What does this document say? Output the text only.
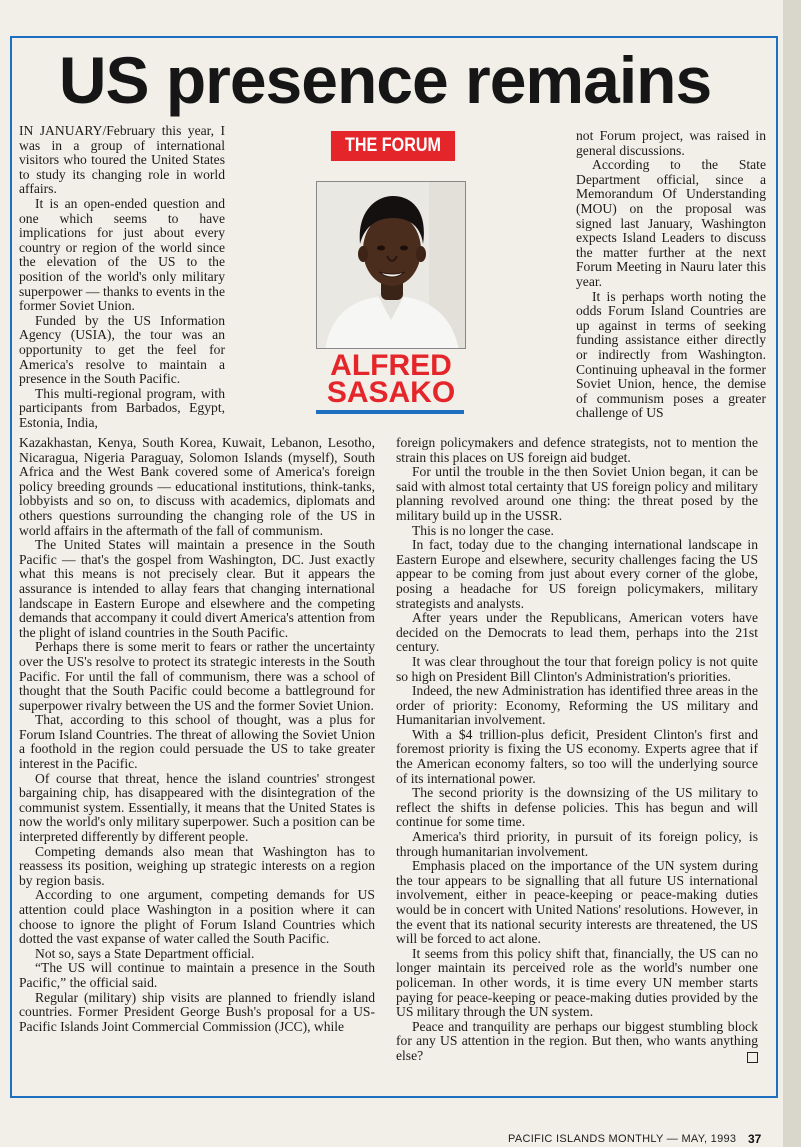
US presence remains

IN JANUARY/February this year, I was in a group of international visitors who toured the United States to study its changing role in world affairs.

It is an open-ended question and one which seems to have implications for just about every country or region of the world since the elevation of the US to the position of the world's only military superpower — thanks to events in the former Soviet Union.

Funded by the US Information Agency (USIA), the tour was an opportunity to get the feel for America's resolve to maintain a presence in the South Pacific.

This multi-regional program, with participants from Barbados, Egypt, Estonia, India,

THE FORUM
ALFRED SASAKO

not Forum project, was raised in general discussions.

According to the State Department official, since a Memorandum Of Understanding (MOU) on the proposal was signed last January, Washington expects Island Leaders to discuss the matter further at the next Forum Meeting in Nauru later this year.

It is perhaps worth noting the odds Forum Island Countries are up against in terms of seeking funding assistance either directly or indirectly from Washington. Continuing upheaval in the former Soviet Union, hence, the demise of communism poses a greater challenge of US

Kazakhastan, Kenya, South Korea, Kuwait, Lebanon, Lesotho, Nicaragua, Nigeria Paraguay, Solomon Islands (myself), South Africa and the West Bank covered some of America's foreign policy breeding grounds — educational institutions, think-tanks, lobbyists and so on, to discuss with academics, diplomats and others questions surrounding the changing role of the US in world affairs in the aftermath of the fall of communism.

The United States will maintain a presence in the South Pacific — that's the gospel from Washington, DC. Just exactly what this means is not precisely clear. But it appears the assurance is intended to allay fears that changing international landscape in Eastern Europe and elsewhere and the competing demands that accompany it could divert America's attention from the plight of island countries in the South Pacific.

Perhaps there is some merit to fears or rather the uncertainty over the US's resolve to protect its strategic interests in the South Pacific. For until the fall of communism, there was a school of thought that the South Pacific could become a battleground for superpower rivalry between the US and the former Soviet Union.

That, according to this school of thought, was a plus for Forum Island Countries. The threat of allowing the Soviet Union a foothold in the region could persuade the US to take greater interest in the Pacific.

Of course that threat, hence the island countries' strongest bargaining chip, has disappeared with the disintegration of the communist system. Essentially, it means that the United States is now the world's only military superpower. Such a position can be interpreted differently by different people.

Competing demands also mean that Washington has to reassess its position, weighing up strategic interests on a region by region basis.

According to one argument, competing demands for US attention could place Washington in a position where it can choose to ignore the plight of Forum Island Countries which dotted the vast expanse of water called the South Pacific.

Not so, says a State Department official.

“The US will continue to maintain a presence in the South Pacific,” the official said.

Regular (military) ship visits are planned to friendly island countries. Former President George Bush's proposal for a US-Pacific Islands Joint Commercial Commission (JCC), while

foreign policymakers and defence strategists, not to mention the strain this places on US foreign aid budget.

For until the trouble in the then Soviet Union began, it can be said with almost total certainty that US foreign policy and military planning revolved around one thing: the threat posed by the military build up in the USSR.

This is no longer the case.

In fact, today due to the changing international landscape in Eastern Europe and elsewhere, security challenges facing the US appear to be coming from just about every corner of the globe, posing a headache for US foreign policymakers, military strategists and analysts.

After years under the Republicans, American voters have decided on the Democrats to lead them, perhaps into the 21st century.

It was clear throughout the tour that foreign policy is not quite so high on President Bill Clinton's Administration's priorities.

Indeed, the new Administration has identified three areas in the order of priority: Economy, Reforming the US military and Humanitarian involvement.

With a $4 trillion-plus deficit, President Clinton's first and foremost priority is fixing the US economy. Experts agree that if the American economy falters, so too will the underlying source of its international power.

The second priority is the downsizing of the US military to reflect the shifts in defense policies. This has begun and will continue for some time.

America's third priority, in pursuit of its foreign policy, is through humanitarian involvement.

Emphasis placed on the importance of the UN system during the tour appears to be signalling that all future US international involvement, either in peace-keeping or peace-making duties would be in concert with United Nations' resolutions. However, in the event that its national security interests are threatened, the US will be forced to act alone.

It seems from this policy shift that, financially, the US can no longer maintain its perceived role as the world's number one policeman. In other words, it is time every UN member starts paying for peace-keeping or peace-making duties provided by the US military through the UN system.

Peace and tranquility are perhaps our biggest stumbling block for any US attention in the region. But then, who wants anything else?

PACIFIC ISLANDS MONTHLY — MAY, 1993 37
